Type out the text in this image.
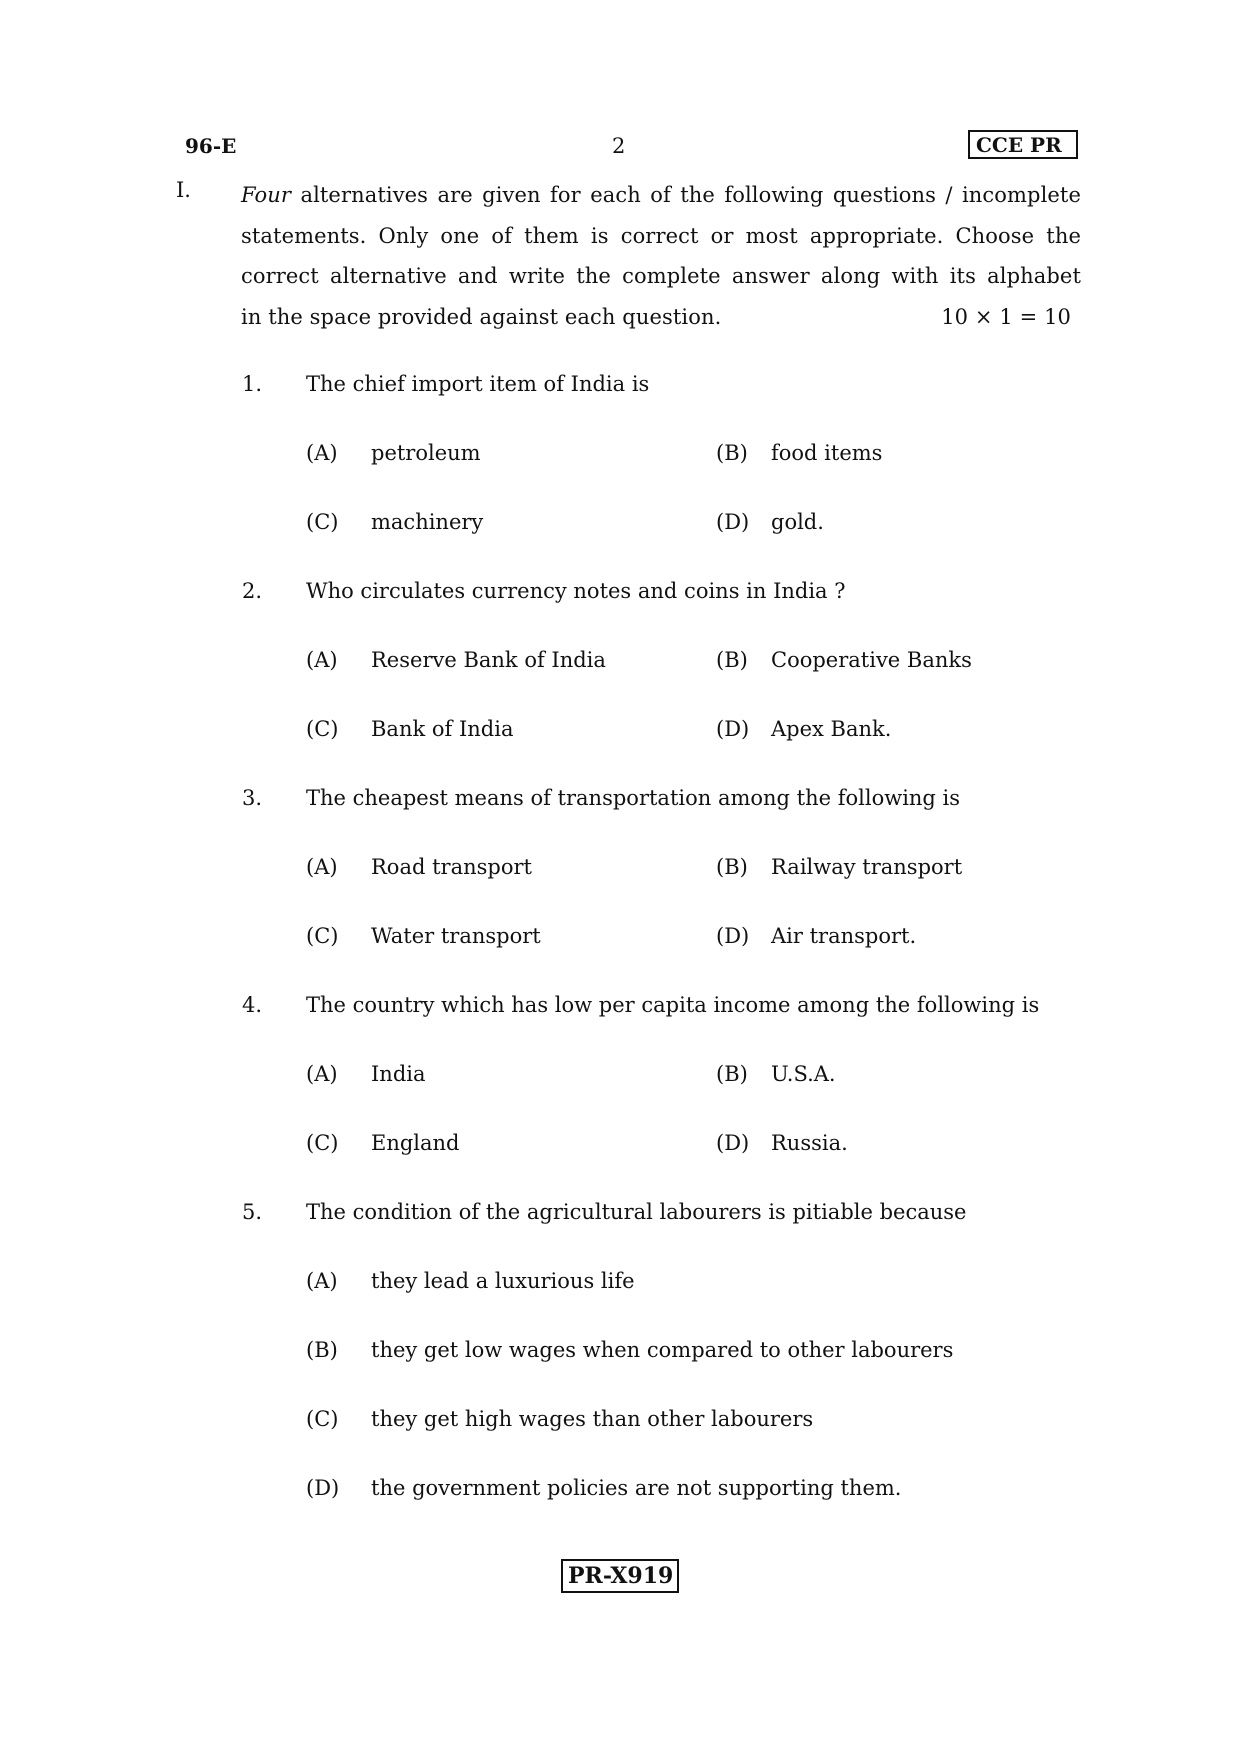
96-E	2	CCE PR
I. Four alternatives are given for each of the following questions / incomplete
statements. Only one of them is correct or most appropriate. Choose the
correct alternative and write the complete answer along with its alphabet
in the space provided against each question.	10 × 1 = 10
1. The chief import item of India is
(A) petroleum	(B) food items
(C) machinery	(D) gold.
2. Who circulates currency notes and coins in India ?
(A) Reserve Bank of India	(B) Cooperative Banks
(C) Bank of India	(D) Apex Bank.
3. The cheapest means of transportation among the following is
(A) Road transport	(B) Railway transport
(C) Water transport	(D) Air transport.
4. The country which has low per capita income among the following is
(A) India	(B) U.S.A.
(C) England	(D) Russia.
5. The condition of the agricultural labourers is pitiable because
(A) they lead a luxurious life
(B) they get low wages when compared to other labourers
(C) they get high wages than other labourers
(D) the government policies are not supporting them.
PR-X919
